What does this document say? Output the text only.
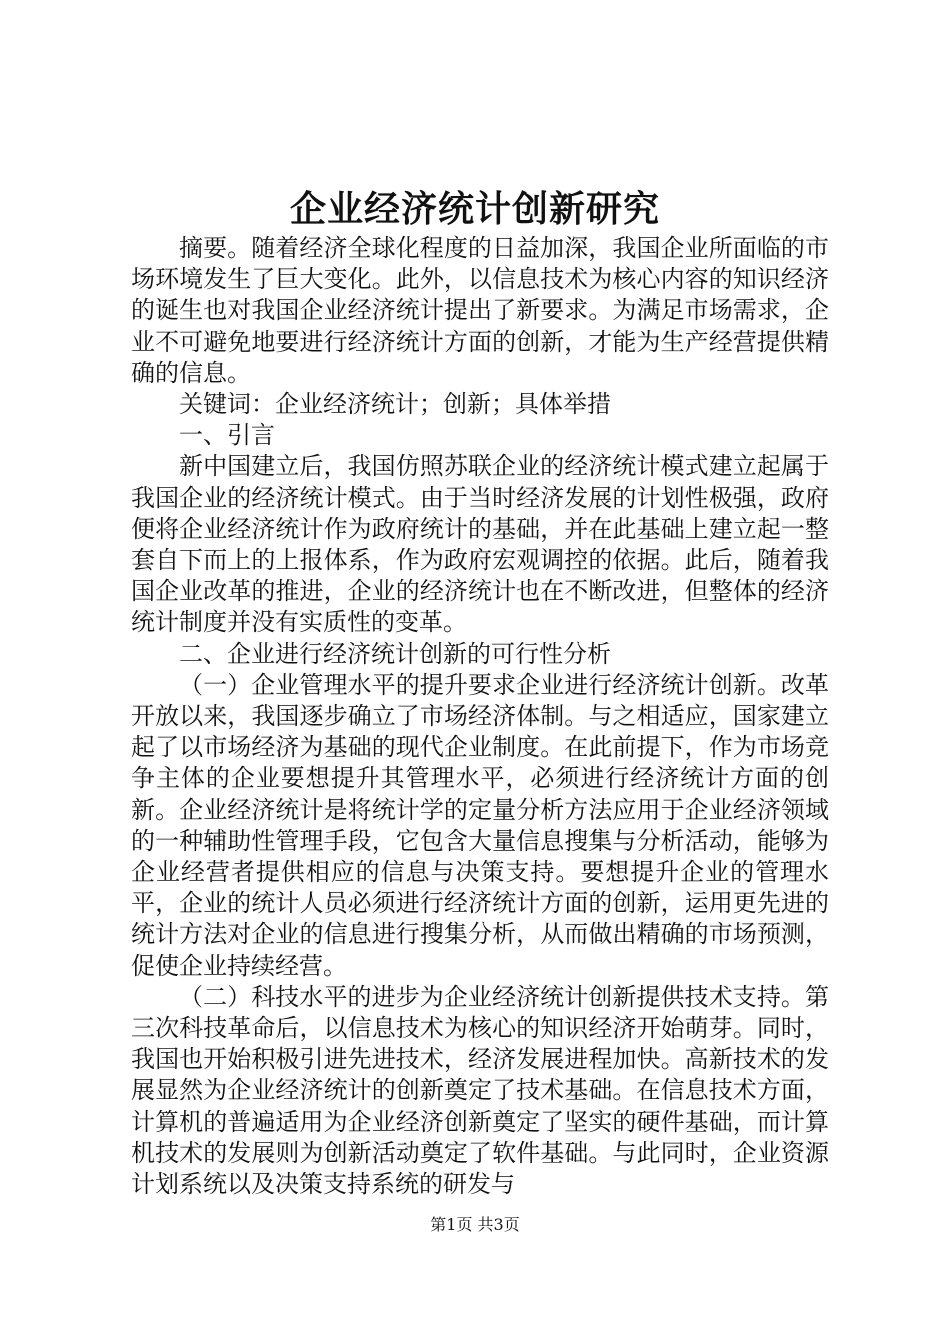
企业经济统计创新研究

摘要。随着经济全球化程度的日益加深，我国企业所面临的市场环境发生了巨大变化。此外，以信息技术为核心内容的知识经济的诞生也对我国企业经济统计提出了新要求。为满足市场需求，企业不可避免地要进行经济统计方面的创新，才能为生产经营提供精确的信息。

关键词：企业经济统计；创新；具体举措

一、引言

新中国建立后，我国仿照苏联企业的经济统计模式建立起属于我国企业的经济统计模式。由于当时经济发展的计划性极强，政府便将企业经济统计作为政府统计的基础，并在此基础上建立起一整套自下而上的上报体系，作为政府宏观调控的依据。此后，随着我国企业改革的推进，企业的经济统计也在不断改进，但整体的经济统计制度并没有实质性的变革。

二、企业进行经济统计创新的可行性分析

（一）企业管理水平的提升要求企业进行经济统计创新。改革开放以来，我国逐步确立了市场经济体制。与之相适应，国家建立起了以市场经济为基础的现代企业制度。在此前提下，作为市场竞争主体的企业要想提升其管理水平，必须进行经济统计方面的创新。企业经济统计是将统计学的定量分析方法应用于企业经济领域的一种辅助性管理手段，它包含大量信息搜集与分析活动，能够为企业经营者提供相应的信息与决策支持。要想提升企业的管理水平，企业的统计人员必须进行经济统计方面的创新，运用更先进的统计方法对企业的信息进行搜集分析，从而做出精确的市场预测，促使企业持续经营。

（二）科技水平的进步为企业经济统计创新提供技术支持。第三次科技革命后，以信息技术为核心的知识经济开始萌芽。同时，我国也开始积极引进先进技术，经济发展进程加快。高新技术的发展显然为企业经济统计的创新奠定了技术基础。在信息技术方面，计算机的普遍适用为企业经济创新奠定了坚实的硬件基础，而计算机技术的发展则为创新活动奠定了软件基础。与此同时，企业资源计划系统以及决策支持系统的研发与

第1页 共3页
